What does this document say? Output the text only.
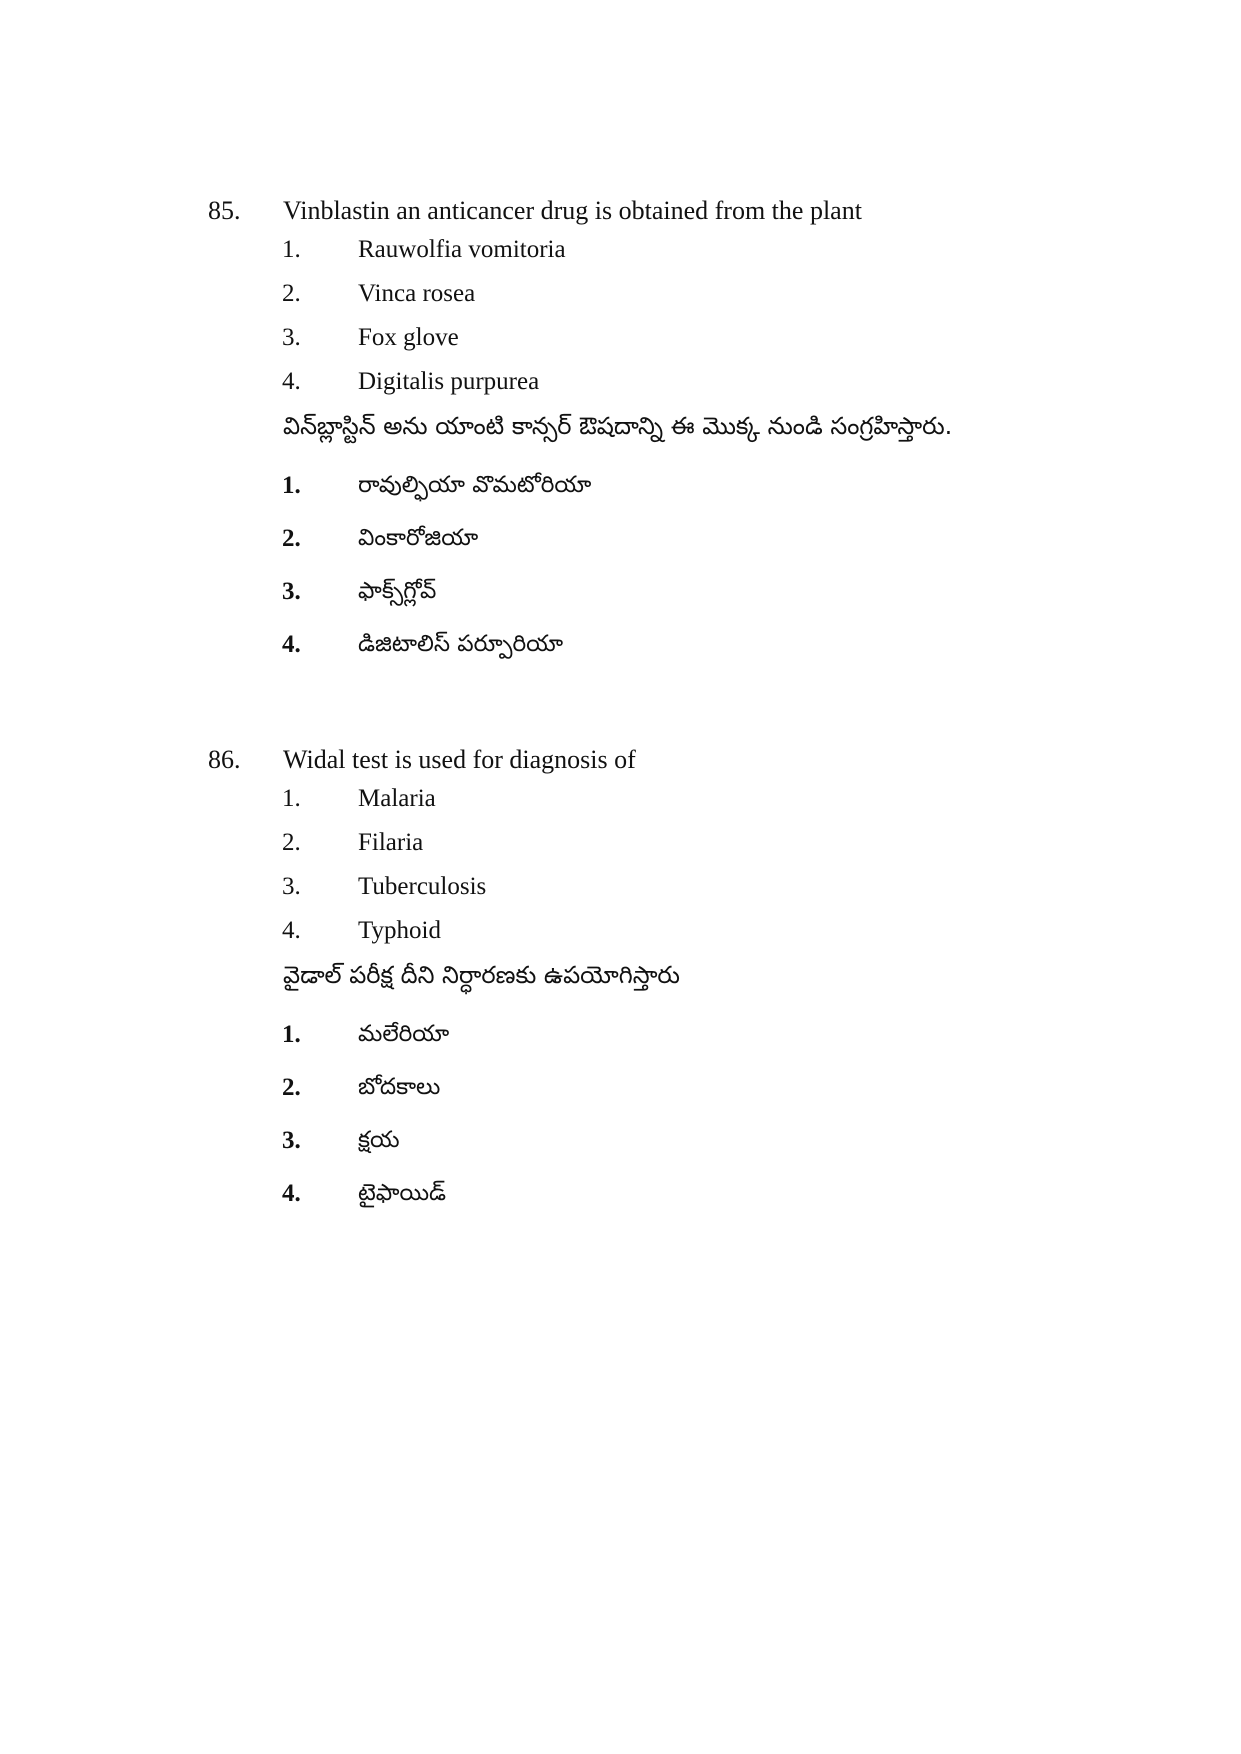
85. Vinblastin an anticancer drug is obtained from the plant
1. Rauwolfia vomitoria
2. Vinca rosea
3. Fox glove
4. Digitalis purpurea
విన్‌బ్లాస్టిన్ అను యాంటి కాన్సర్ ఔషదాన్ని ఈ మొక్క నుండి సంగ్రహిస్తారు.
1. రావుల్ఫియా వొమటోరియా
2. వింకారోజియా
3. ఫాక్స్‌గ్లోవ్
4. డిజిటాలిస్ పర్పూరియా
86. Widal test is used for diagnosis of
1. Malaria
2. Filaria
3. Tuberculosis
4. Typhoid
వైడాల్ పరీక్ష దీని నిర్ధారణకు ఉపయోగిస్తారు
1. మలేరియా
2. బోదకాలు
3. క్షయ
4. టైఫాయిడ్
